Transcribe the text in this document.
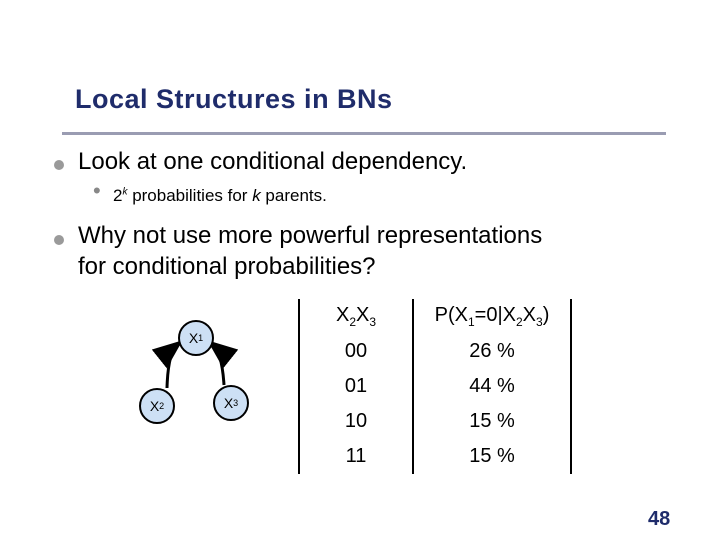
Local Structures in BNs
Look at one conditional dependency.
• 2$^k$ probabilities for k parents.
Why not use more powerful representations
for conditional probabilities?
X 1
X 2	X 3
$X_2X_3$	$P(X_1=0|X_2X_3)$
00	26 %
01	44 %
10	15 %
11	15 %
48
